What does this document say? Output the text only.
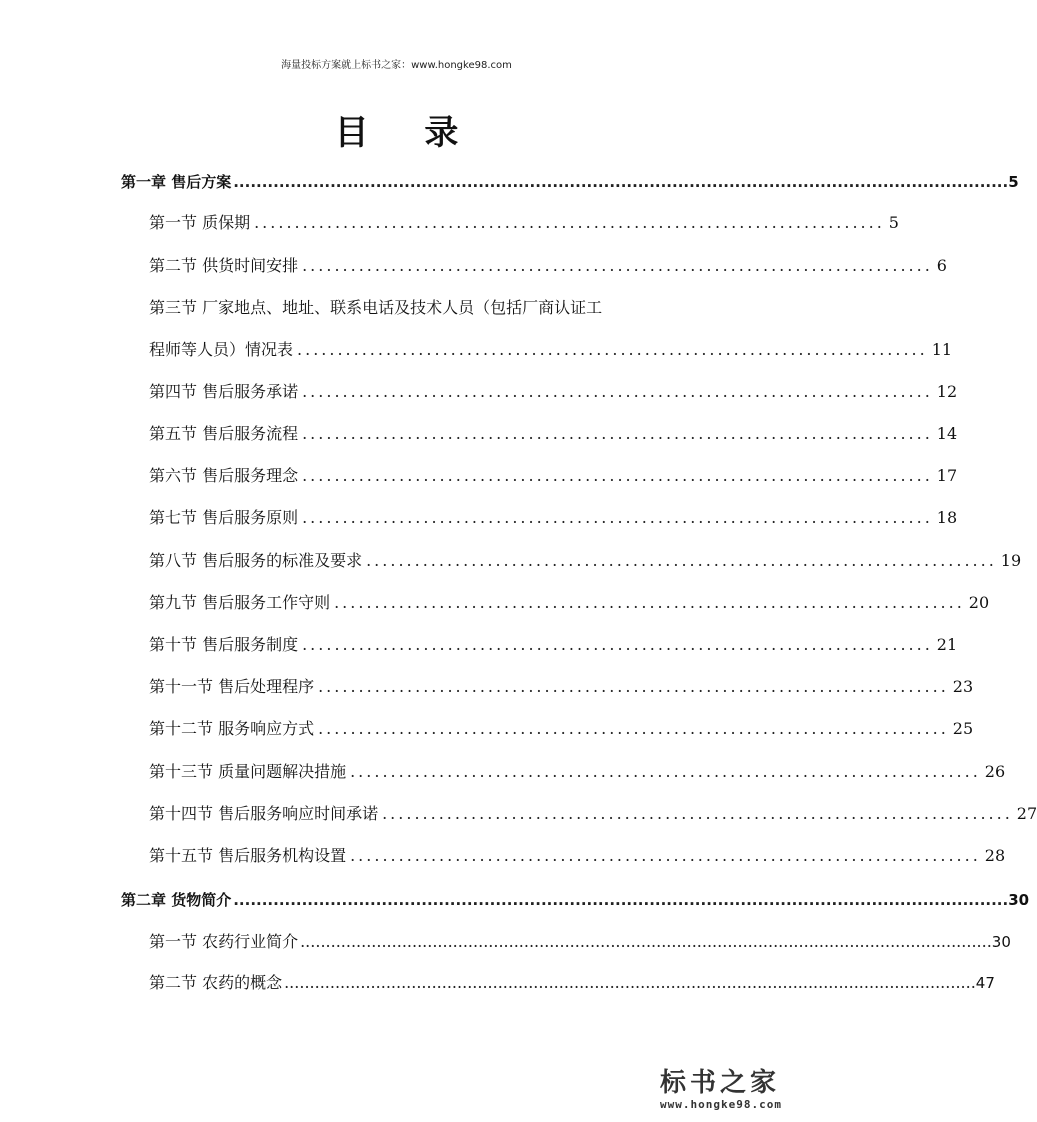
海量投标方案就上标书之家：www.hongke98.com
目 录
第一章 售后方案 ........................................................................................................................................ 5
第一节 质保期 .............................................................................. 5
第二节 供货时间安排 .............................................................................. 6
第三节 厂家地点、地址、联系电话及技术人员（包括厂商认证工
程师等人员）情况表 .............................................................................. 11
第四节 售后服务承诺 .............................................................................. 12
第五节 售后服务流程 .............................................................................. 14
第六节 售后服务理念 .............................................................................. 17
第七节 售后服务原则 .............................................................................. 18
第八节 售后服务的标准及要求 .............................................................................. 19
第九节 售后服务工作守则 .............................................................................. 20
第十节 售后服务制度 .............................................................................. 21
第十一节 售后处理程序 .............................................................................. 23
第十二节 服务响应方式 .............................................................................. 25
第十三节 质量问题解决措施 .............................................................................. 26
第十四节 售后服务响应时间承诺 .............................................................................. 27
第十五节 售后服务机构设置 .............................................................................. 28
第二章 货物简介 ........................................................................................................................................ 30
第一节 农药行业简介 ........................................................................................................................................ 30
第二节 农药的概念 ........................................................................................................................................ 47
标书之家
www.hongke98.com
